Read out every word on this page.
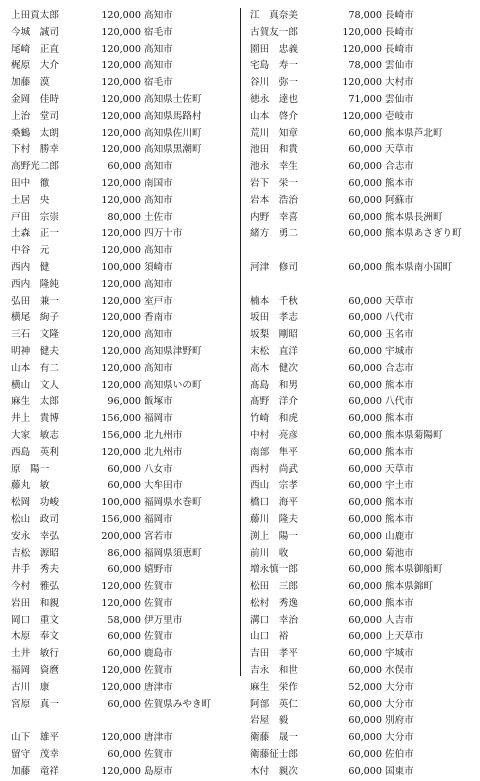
上田貢太郎	120,000 高知市
今城　誠司	120,000 宿毛市
尾崎　正直	120,000 高知市
梶原　大介	120,000 高知市
加藤　漠	120,000 宿毛市
金岡　佳時	120,000 高知県土佐町
上治　堂司	120,000 高知県馬路村
桑鶴　太朗	120,000 高知県佐川町
下村　勝幸	120,000 高知県黒潮町
高野光二郎	60,000 高知市
田中　徹	120,000 南国市
土居　央	120,000 高知市
戸田　宗崇	80,000 土佐市
土森　正一	120,000 四万十市
中谷　元	120,000 高知市
西内　健	100,000 須崎市
西内　隆純	120,000 高知市
弘田　兼一	120,000 室戸市
横尾　絢子	120,000 香南市
三石　文隆	120,000 高知市
明神　健夫	120,000 高知県津野町
山本　有二	120,000 高知市
横山　文人	120,000 高知県いの町
麻生　太郎	96,000 飯塚市
井上　貴博	156,000 福岡市
大家　敏志	156,000 北九州市
西島　英利	120,000 北九州市
原　陽一	60,000 八女市
藤丸　敏	60,000 大牟田市
松岡　功峻	100,000 福岡県水巻町
松山　政司	156,000 福岡市
安永　幸弘	200,000 宮若市
吉松　源昭	86,000 福岡県須恵町
井手　秀夫	60,000 嬉野市
今村　雅弘	120,000 佐賀市
岩田　和親	120,000 佐賀市
岡口　重文	58,000 伊万里市
木原　奉文	60,000 佐賀市
土井　敏行	60,000 鹿島市
福岡　資麿	120,000 佐賀市
古川　康	120,000 唐津市
宮原　真一	60,000 佐賀県みやき町
山下　雄平	120,000 唐津市
留守　茂幸	60,000 佐賀市
加藤　竜祥	120,000 島原市
江　真奈美	78,000 長崎市
古賀友一郎	120,000 長崎市
園田　忠義	120,000 長崎市
宅島　寿一	78,000 雲仙市
谷川　弥一	120,000 大村市
徳永　達也	71,000 雲仙市
山本　啓介	120,000 壱岐市
荒川　知章	60,000 熊本県芦北町
池田　和貴	60,000 天草市
池永　幸生	60,000 合志市
岩下　栄一	60,000 熊本市
岩本　浩治	60,000 阿蘇市
内野　幸喜	60,000 熊本県長洲町
緒方　勇二	60,000 熊本県あさぎり町
河津　修司	60,000 熊本県南小国町
楠本　千秋	60,000 天草市
坂田　孝志	60,000 八代市
坂梨　剛昭	60,000 玉名市
末松　直洋	60,000 宇城市
高木　健次	60,000 合志市
髙島　和男	60,000 熊本市
髙野　洋介	60,000 八代市
竹崎　和虎	60,000 熊本市
中村　亮彦	60,000 熊本県菊陽町
南部　隼平	60,000 熊本市
西村　尚武	60,000 天草市
西山　宗孝	60,000 宇土市
橋口　海平	60,000 熊本市
藤川　隆夫	60,000 熊本市
渕上　陽一	60,000 山鹿市
前川　收	60,000 菊池市
増永慎一郎	60,000 熊本県御船町
松田　三郎	60,000 熊本県錦町
松村　秀逸	60,000 熊本市
溝口　幸治	60,000 人吉市
山口　裕	60,000 上天草市
吉田　孝平	60,000 宇城市
吉永　和世	60,000 水俣市
麻生　栄作	52,000 大分市
阿部　英仁	60,000 大分市
岩屋　毅	60,000 別府市
衛藤　晟一	60,000 大分市
衛藤征士郎	60,000 佐伯市
木付　親次	60,000 国東市
